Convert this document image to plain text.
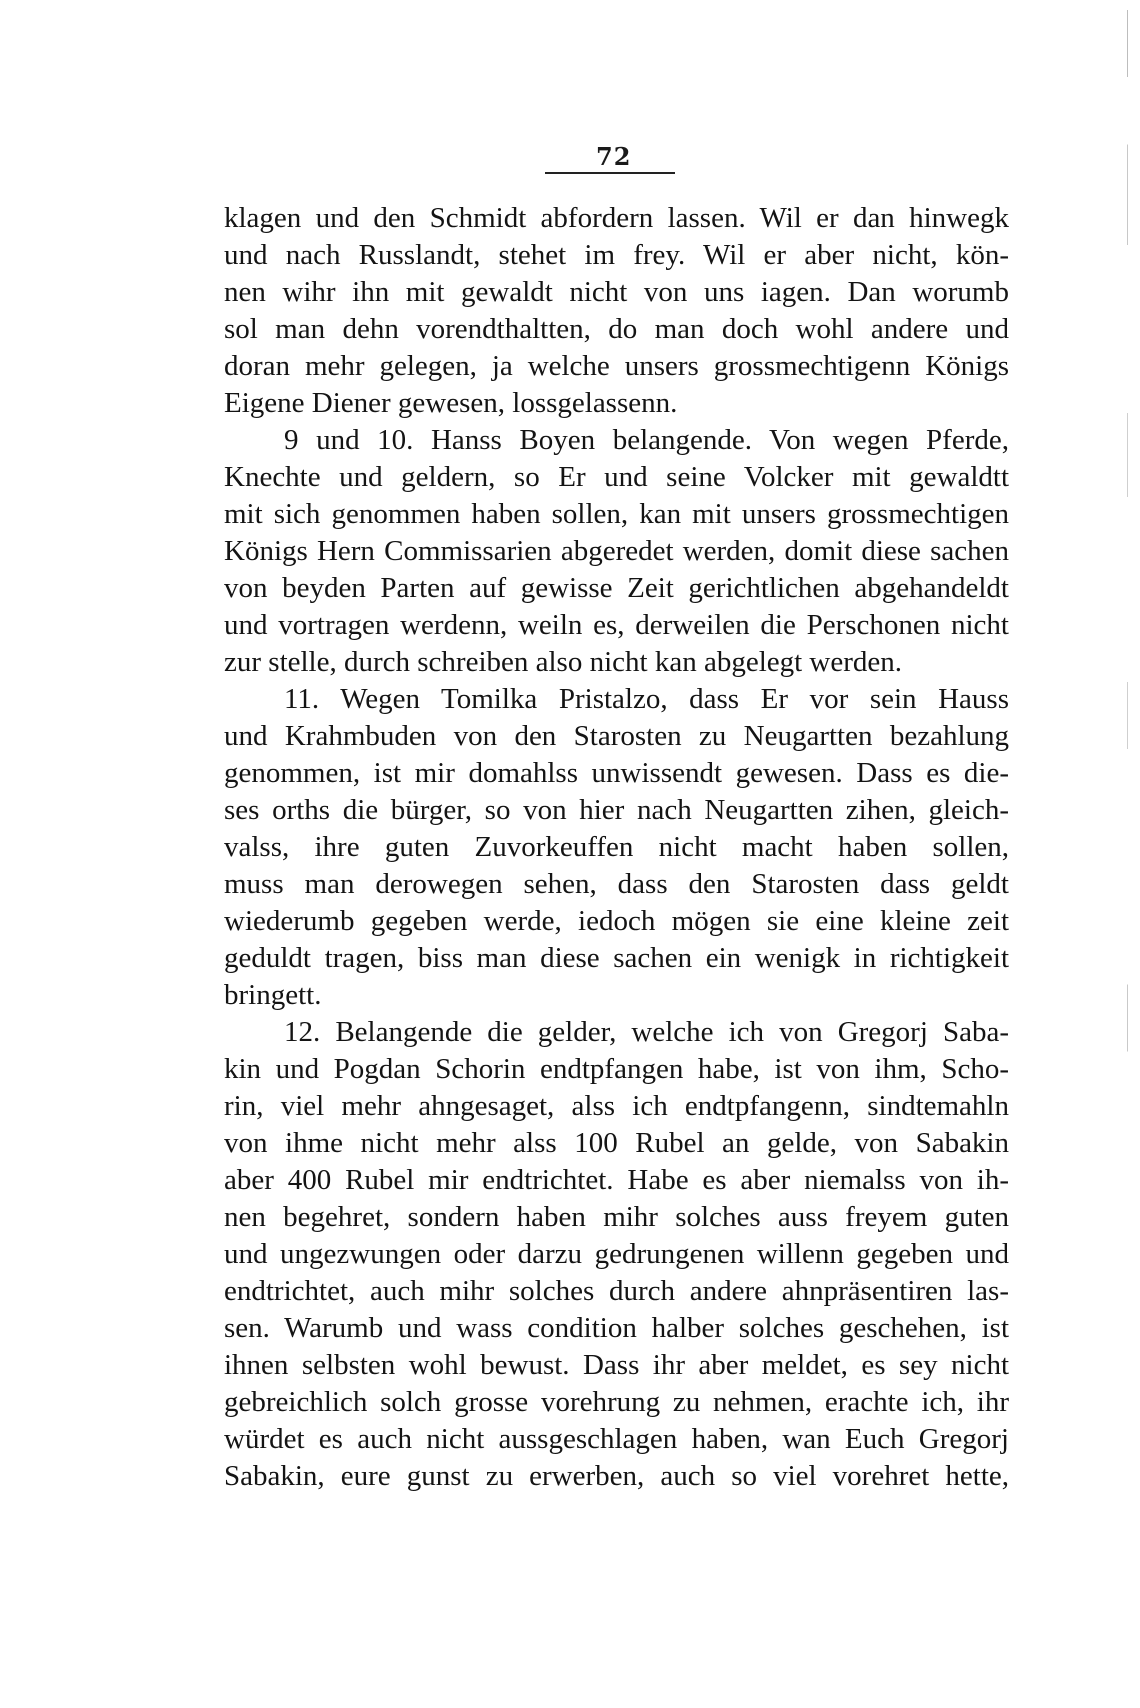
72
klagen und den Schmidt abfordern lassen. Wil er dan hinwegk
und nach Russlandt, stehet im frey. Wil er aber nicht, kön-
nen wihr ihn mit gewaldt nicht von uns iagen. Dan worumb
sol man dehn vorendthaltten, do man doch wohl andere und
doran mehr gelegen, ja welche unsers grossmechtigenn Königs
Eigene Diener gewesen, lossgelassenn.
9 und 10. Hanss Boyen belangende. Von wegen Pferde,
Knechte und geldern, so Er und seine Volcker mit gewaldtt
mit sich genommen haben sollen, kan mit unsers grossmechtigen
Königs Hern Commissarien abgeredet werden, domit diese sachen
von beyden Parten auf gewisse Zeit gerichtlichen abgehandeldt
und vortragen werdenn, weiln es, derweilen die Perschonen nicht
zur stelle, durch schreiben also nicht kan abgelegt werden.
11. Wegen Tomilka Pristalzo, dass Er vor sein Hauss
und Krahmbuden von den Starosten zu Neugartten bezahlung
genommen, ist mir domahlss unwissendt gewesen. Dass es die-
ses orths die bürger, so von hier nach Neugartten zihen, gleich-
valss, ihre guten Zuvorkeuffen nicht macht haben sollen,
muss man derowegen sehen, dass den Starosten dass geldt
wiederumb gegeben werde, iedoch mögen sie eine kleine zeit
geduldt tragen, biss man diese sachen ein wenigk in richtigkeit
bringett.
12. Belangende die gelder, welche ich von Gregorj Saba-
kin und Pogdan Schorin endtpfangen habe, ist von ihm, Scho-
rin, viel mehr ahngesaget, alss ich endtpfangenn, sindtemahln
von ihme nicht mehr alss 100 Rubel an gelde, von Sabakin
aber 400 Rubel mir endtrichtet. Habe es aber niemalss von ih-
nen begehret, sondern haben mihr solches auss freyem guten
und ungezwungen oder darzu gedrungenen willenn gegeben und
endtrichtet, auch mihr solches durch andere ahnpräsentiren las-
sen. Warumb und wass condition halber solches geschehen, ist
ihnen selbsten wohl bewust. Dass ihr aber meldet, es sey nicht
gebreichlich solch grosse vorehrung zu nehmen, erachte ich, ihr
würdet es auch nicht aussgeschlagen haben, wan Euch Gregorj
Sabakin, eure gunst zu erwerben, auch so viel vorehret hette,
